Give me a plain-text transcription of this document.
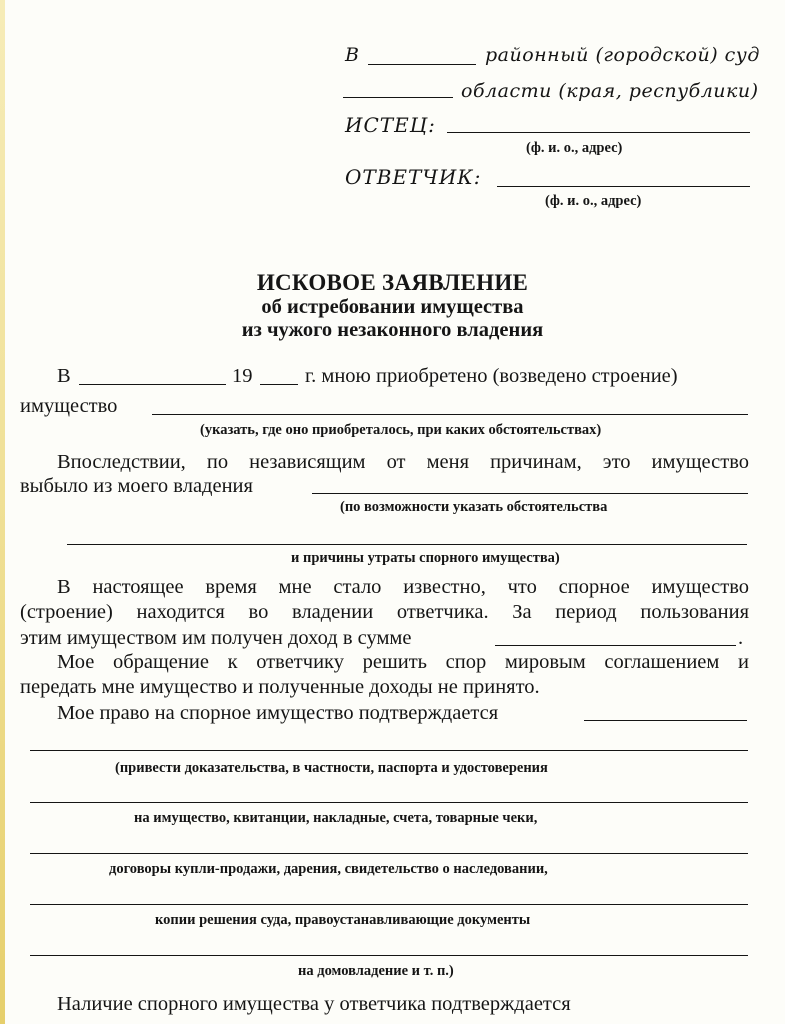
В	районный (городской) суд
области (края, республики)
ИСТЕЦ:
(ф. и. о., адрес)
ОТВЕТЧИК:
(ф. и. о., адрес)
ИСКОВОЕ ЗАЯВЛЕНИЕ
об истребовании имущества
из чужого незаконного владения
В	19	г. мною приобретено (возведено строение)
имущество
(указать, где оно приобреталось, при каких обстоятельствах)
Впоследствии, по независящим от меня причинам, это имущество
выбыло из моего владения
(по возможности указать обстоятельства
и причины утраты спорного имущества)
В настоящее время мне стало известно, что спорное имущество
(строение) находится во владении ответчика. За период пользования
этим имуществом им получен доход в сумме	.
Мое обращение к ответчику решить спор мировым соглашением и
передать мне имущество и полученные доходы не принято.
Мое право на спорное имущество подтверждается
(привести доказательства, в частности, паспорта и удостоверения
на имущество, квитанции, накладные, счета, товарные чеки,
договоры купли-продажи, дарения, свидетельство о наследовании,
копии решения суда, правоустанавливающие документы
на домовладение и т. п.)
Наличие спорного имущества у ответчика подтверждается
